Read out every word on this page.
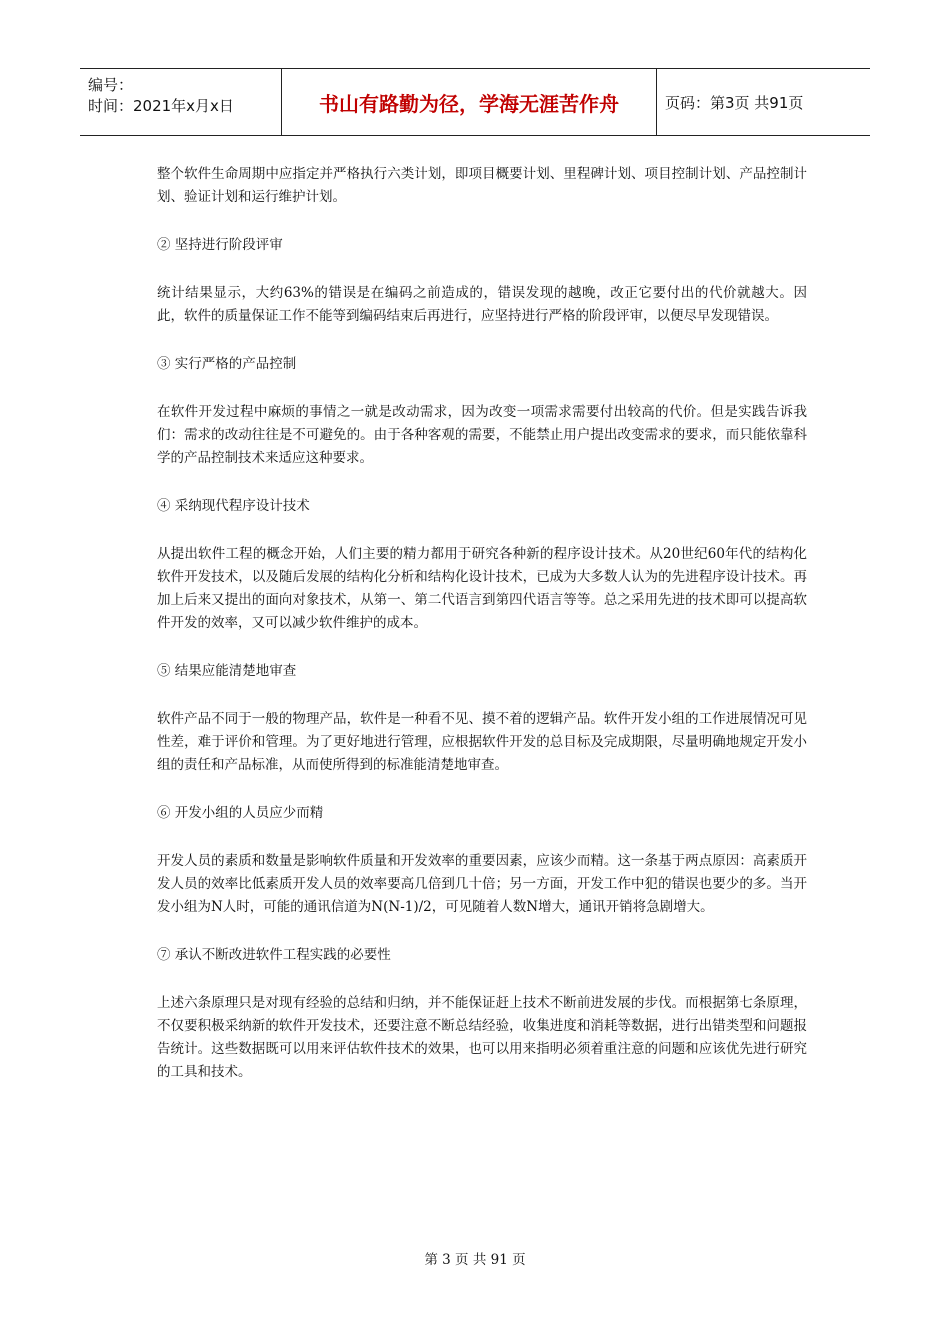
编号：
时间：2021年x月x日	书山有路勤为径，学海无涯苦作舟	页码：第3页 共91页

整个软件生命周期中应指定并严格执行六类计划，即项目概要计划、里程碑计划、项目控制计划、产品控制计划、验证计划和运行维护计划。

② 坚持进行阶段评审

统计结果显示，大约63%的错误是在编码之前造成的，错误发现的越晚，改正它要付出的代价就越大。因此，软件的质量保证工作不能等到编码结束后再进行，应坚持进行严格的阶段评审，以便尽早发现错误。

③ 实行严格的产品控制

在软件开发过程中麻烦的事情之一就是改动需求，因为改变一项需求需要付出较高的代价。但是实践告诉我们：需求的改动往往是不可避免的。由于各种客观的需要，不能禁止用户提出改变需求的要求，而只能依靠科学的产品控制技术来适应这种要求。

④ 采纳现代程序设计技术

从提出软件工程的概念开始，人们主要的精力都用于研究各种新的程序设计技术。从20世纪60年代的结构化软件开发技术，以及随后发展的结构化分析和结构化设计技术，已成为大多数人认为的先进程序设计技术。再加上后来又提出的面向对象技术，从第一、第二代语言到第四代语言等等。总之采用先进的技术即可以提高软件开发的效率，又可以减少软件维护的成本。

⑤ 结果应能清楚地审查

软件产品不同于一般的物理产品，软件是一种看不见、摸不着的逻辑产品。软件开发小组的工作进展情况可见性差，难于评价和管理。为了更好地进行管理，应根据软件开发的总目标及完成期限，尽量明确地规定开发小组的责任和产品标准，从而使所得到的标准能清楚地审查。

⑥ 开发小组的人员应少而精

开发人员的素质和数量是影响软件质量和开发效率的重要因素，应该少而精。这一条基于两点原因：高素质开发人员的效率比低素质开发人员的效率要高几倍到几十倍；另一方面，开发工作中犯的错误也要少的多。当开发小组为N人时，可能的通讯信道为N(N-1)/2，可见随着人数N增大，通讯开销将急剧增大。

⑦ 承认不断改进软件工程实践的必要性

上述六条原理只是对现有经验的总结和归纳，并不能保证赶上技术不断前进发展的步伐。而根据第七条原理，不仅要积极采纳新的软件开发技术，还要注意不断总结经验，收集进度和消耗等数据，进行出错类型和问题报告统计。这些数据既可以用来评估软件技术的效果，也可以用来指明必须着重注意的问题和应该优先进行研究的工具和技术。

第 3 页 共 91 页
